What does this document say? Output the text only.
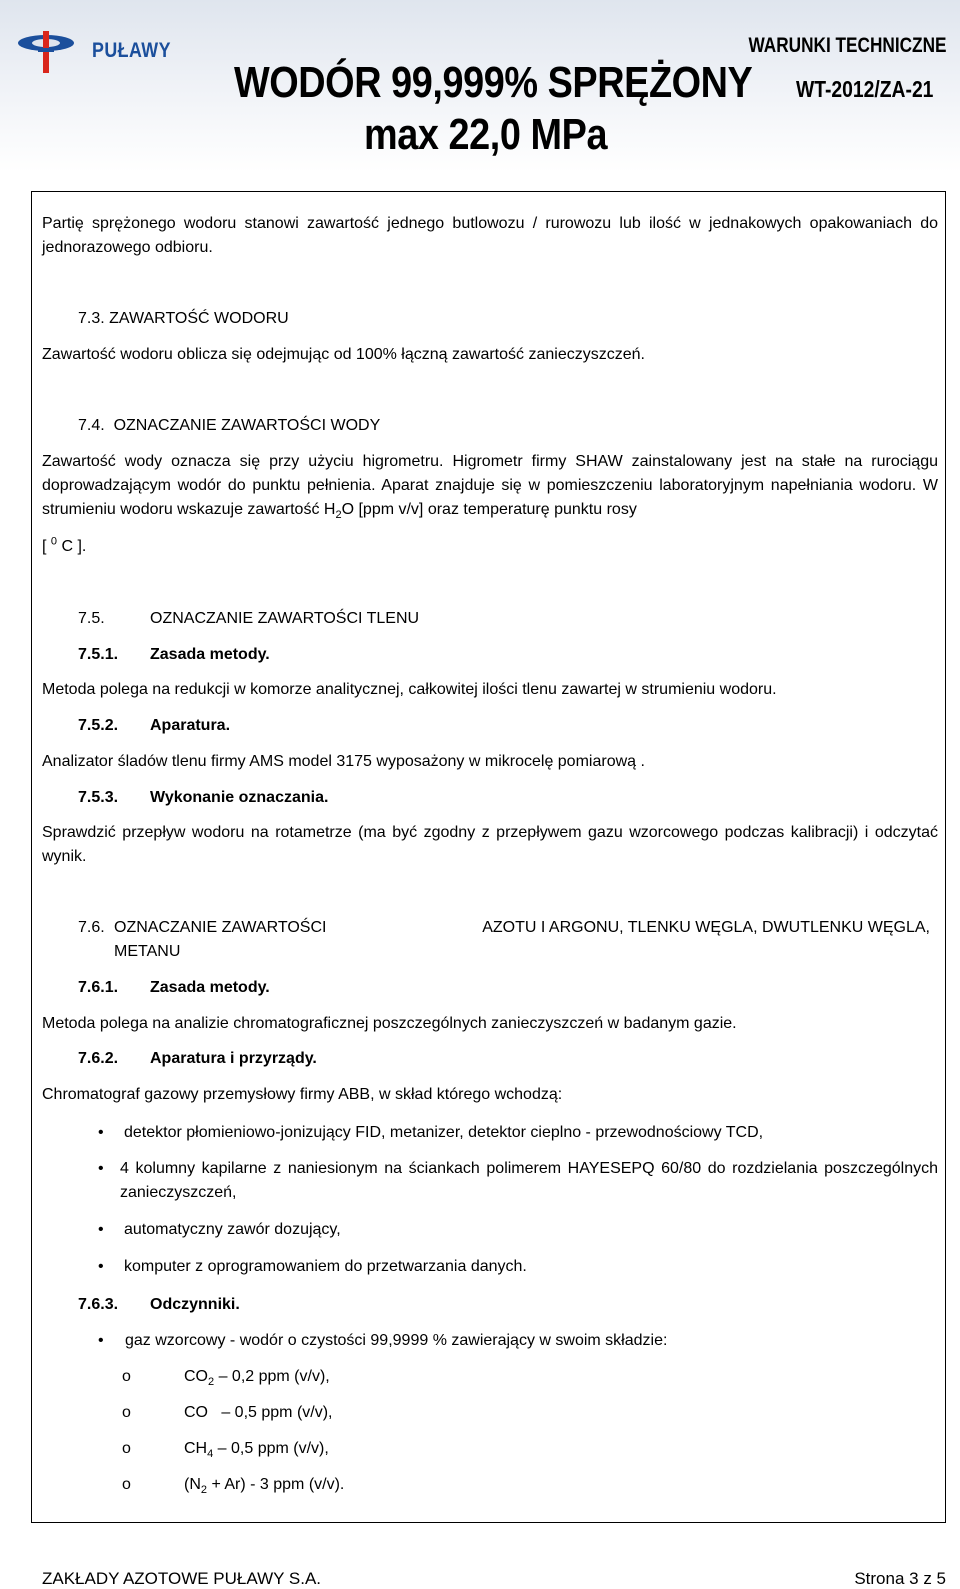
PUŁAWY	WARUNKI TECHNICZNE
WODÓR 99,999% SPRĘŻONY WT-2012/ZA-21
max 22,0 MPa

Partię sprężonego wodoru stanowi zawartość jednego butlowozu / rurowozu lub ilość w jednakowych opakowaniach do jednorazowego odbioru.

7.3. ZAWARTOŚĆ WODORU

Zawartość wodoru oblicza się odejmując od 100% łączną zawartość zanieczyszczeń.

7.4. OZNACZANIE ZAWARTOŚCI WODY

Zawartość wody oznacza się przy użyciu higrometru. Higrometr firmy SHAW zainstalowany jest na stałe na rurociągu doprowadzającym wodór do punktu pełnienia. Aparat znajduje się w pomieszczeniu laboratoryjnym napełniania wodoru. W strumieniu wodoru wskazuje zawartość $H_2O$ [ppm v/v] oraz temperaturę punktu rosy

[ $^0$ C ].

7.5.	OZNACZANIE ZAWARTOŚCI TLENU
7.5.1. Zasada metody.

Metoda polega na redukcji w komorze analitycznej, całkowitej ilości tlenu zawartej w strumieniu wodoru.

7.5.2. Aparatura.

Analizator śladów tlenu firmy AMS model 3175 wyposażony w mikrocelę pomiarową .

7.5.3. Wykonanie oznaczania.

Sprawdzić przepływ wodoru na rotametrze (ma być zgodny z przepływem gazu wzorcowego podczas kalibracji) i odczytać wynik.

7.6. OZNACZANIE ZAWARTOŚCI	AZOTU I ARGONU, TLENKU WĘGLA, DWUTLENKU WĘGLA,
METANU
7.6.1. Zasada metody.

Metoda polega na analizie chromatograficznej poszczególnych zanieczyszczeń w badanym gazie.

7.6.2. Aparatura i przyrządy.

Chromatograf gazowy przemysłowy firmy ABB, w skład którego wchodzą:

• detektor płomieniowo-jonizujący FID, metanizer, detektor cieplno - przewodnościowy TCD,
• 4 kolumny kapilarne z naniesionym na ściankach polimerem HAYESEPQ 60/80 do rozdzielania poszczególnych zanieczyszczeń,

• automatyczny zawór dozujący,
• komputer z oprogramowaniem do przetwarzania danych.
7.6.3. Odczynniki.
• gaz wzorcowy - wodór o czystości 99,9999 % zawierający w swoim składzie:
o	$CO_2 - 0,2$ ppm (v/v),
o	CO   – 0,5 ppm (v/v),
o	$CH_4 - 0,5$ ppm (v/v),
o	$(N_2 + Ar) - 3$ ppm (v/v).
ZAKŁADY AZOTOWE PUŁAWY S.A.	Strona 3 z 5
